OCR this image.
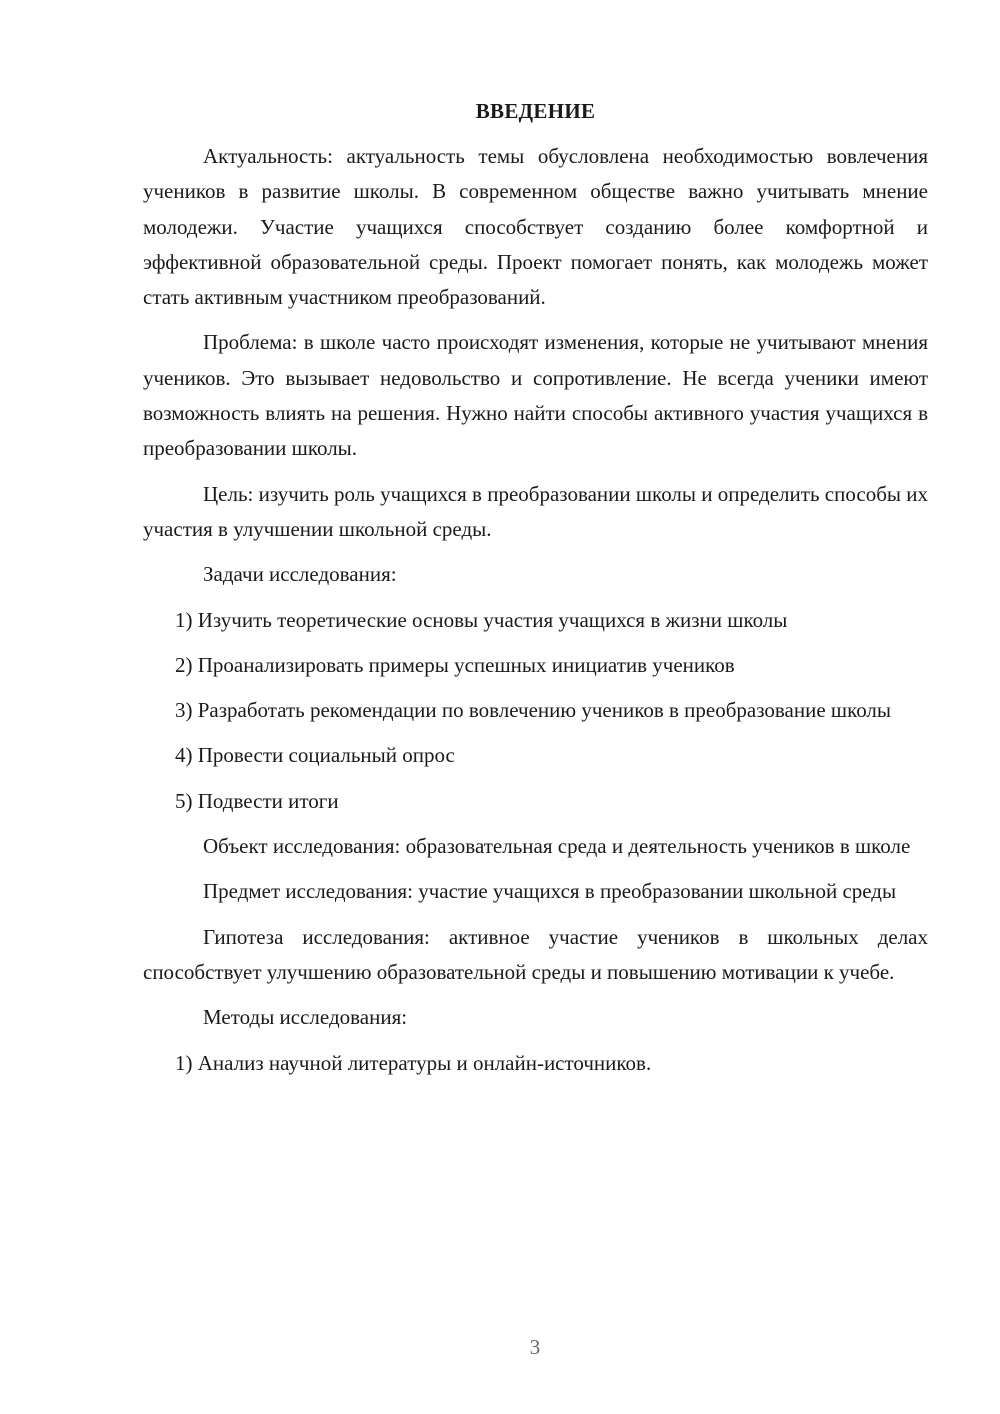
ВВЕДЕНИЕ

Актуальность: актуальность темы обусловлена необходимостью вовлечения учеников в развитие школы. В современном обществе важно учитывать мнение молодежи. Участие учащихся способствует созданию более комфортной и эффективной образовательной среды. Проект помогает понять, как молодежь может стать активным участником преобразований.

Проблема: в школе часто происходят изменения, которые не учитывают мнения учеников. Это вызывает недовольство и сопротивление. Не всегда ученики имеют возможность влиять на решения. Нужно найти способы активного участия учащихся в преобразовании школы.

Цель: изучить роль учащихся в преобразовании школы и определить способы их участия в улучшении школьной среды.

Задачи исследования:

1) Изучить теоретические основы участия учащихся в жизни школы

2) Проанализировать примеры успешных инициатив учеников

3) Разработать рекомендации по вовлечению учеников в преобразование школы

4) Провести социальный опрос

5) Подвести итоги

Объект исследования: образовательная среда и деятельность учеников в школе

Предмет исследования: участие учащихся в преобразовании школьной среды

Гипотеза исследования: активное участие учеников в школьных делах способствует улучшению образовательной среды и повышению мотивации к учебе.

Методы исследования:

1) Анализ научной литературы и онлайн-источников.

3
